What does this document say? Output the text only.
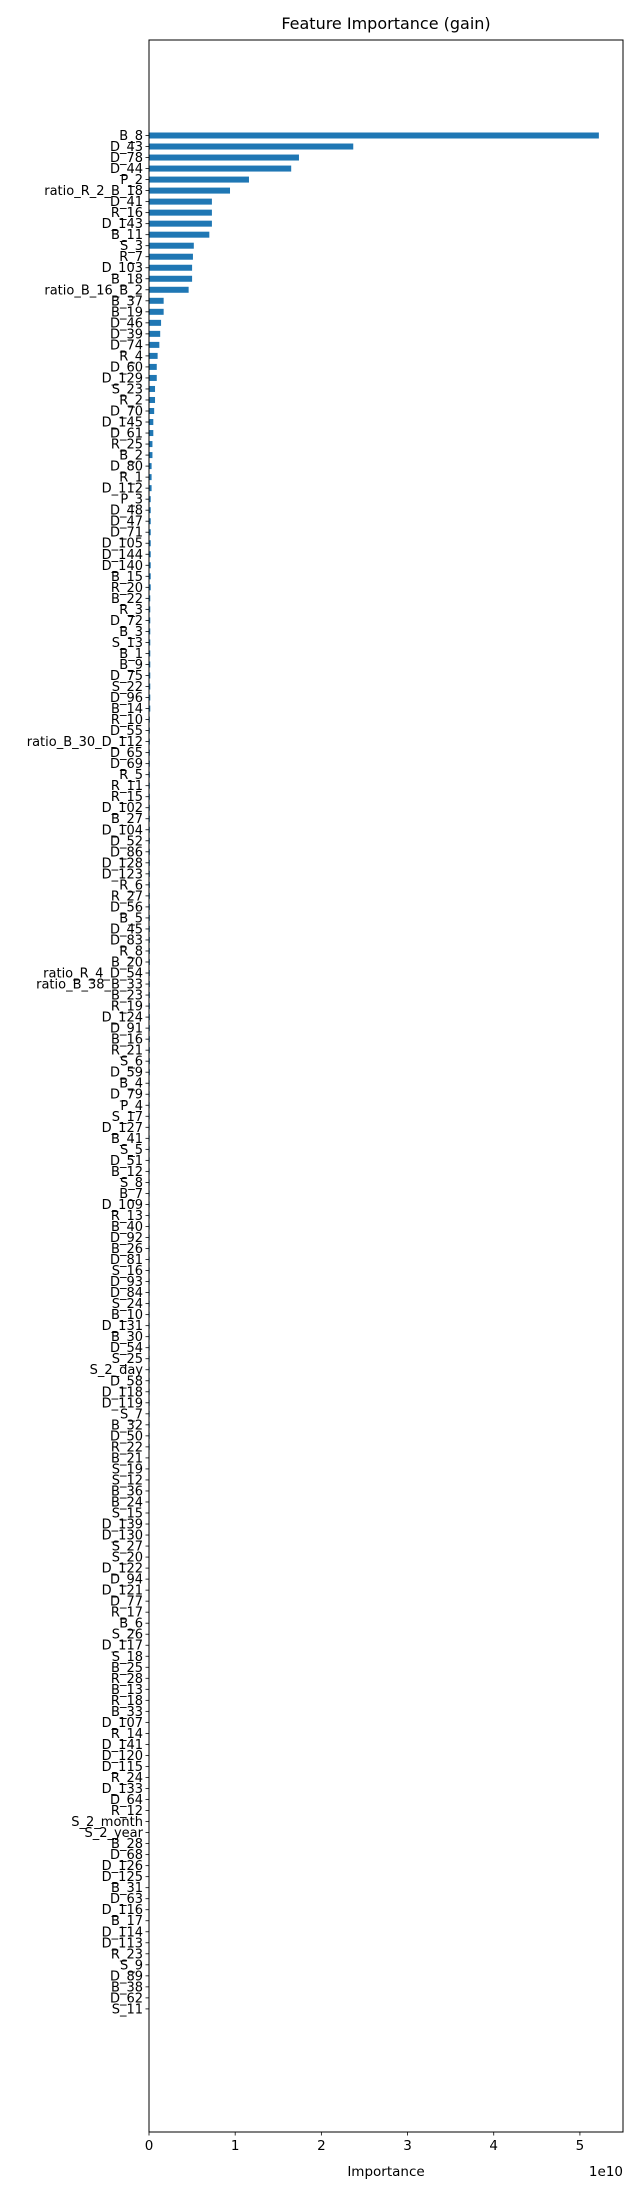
Feature Importance (gain)
B_8
D_43
D_78
D_44
P_2
ratio_R_2_B_18
D_41
R_16
D_143
B_11
S_3
R_7
D_103
B_18
ratio_B_16_B_2
B_37
B_19
D_46
D_39
D_74
R_4
D_60
D_129
S_23
R_2
D_70
D_145
D_61
R_25
B_2
D_80
R_1
D_112
P_3
D_48
D_47
D_71
D_105
D_144
D_140
B_15
R_20
B_22
R_3
D_72
B_3
S_13
B_1
B_9
D_75
S_22
D_96
B_14
R_10
D_55
ratio_B_30_D_112
D_65
D_69
R_5
R_11
R_15
D_102
B_27
D_104
D_52
D_86
D_128
D_123
R_6
R_27
D_56
B_5
D_45
D_83
R_8
B_20
ratio_R_4_D_54
ratio_B_38_B_33
B_23
R_19
D_124
D_91
B_16
R_21
S_6
D_59
B_4
D_79
P_4
S_17
D_127
B_41
S_5
D_51
B_12
S_8
B_7
D_109
R_13
B_40
D_92
B_26
D_81
S_16
D_93
D_84
S_24
B_10
D_131
B_30
D_54
S_25
S_2_day
D_58
D_118
D_119
S_7
B_32
D_50
R_22
B_21
S_19
S_12
B_36
B_24
S_15
D_139
D_130
S_27
S_20
D_122
D_94
D_121
D_77
R_17
B_6
S_26
D_117
S_18
B_25
R_28
B_13
R_18
B_33
D_107
R_14
D_141
D_120
D_115
R_24
D_133
D_64
R_12
S_2_month
S_2_year
B_28
D_68
D_126
D_125
B_31
D_63
D_116
B_17
D_114
D_113
R_23
S_9
D_89
B_38
D_62
S_11
0	1	2	3	4	5
Importance	1e10
